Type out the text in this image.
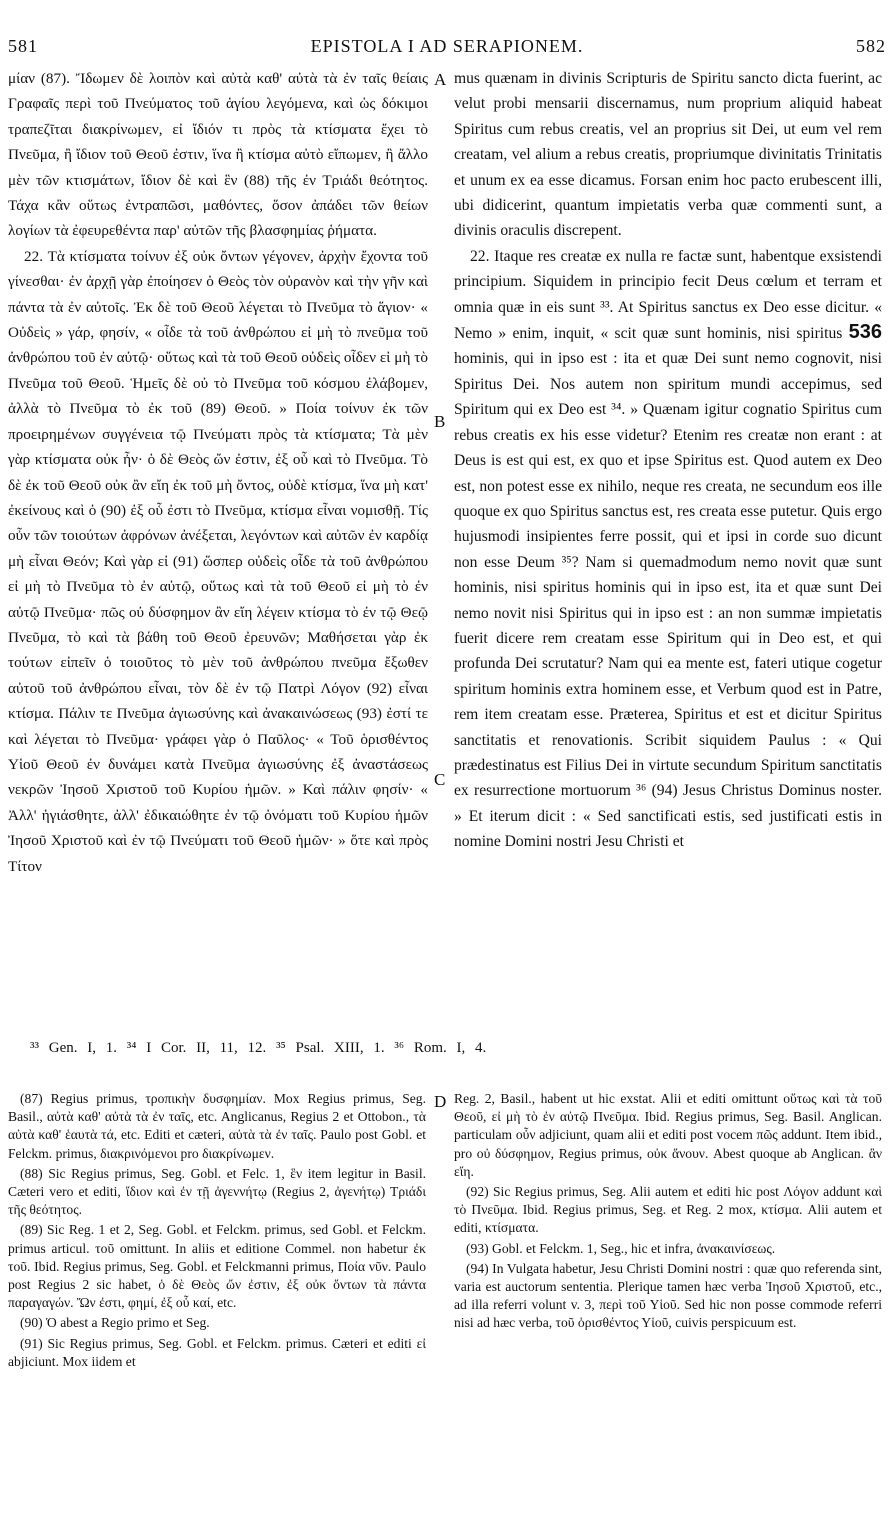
581	EPISTOLA I AD SERAPIONEM.	582

μίαν (87). Ἴδωμεν δὲ λοιπὸν καὶ αὐτὰ καθ' αὐτὰ τὰ ἐν ταῖς θείαις Γραφαῖς περὶ τοῦ Πνεύματος τοῦ ἁγίου λεγόμενα, καὶ ὡς δόκιμοι τραπεζῖται διακρίνωμεν, εἰ ἴδιόν τι πρὸς τὰ κτίσματα ἔχει τὸ Πνεῦμα, ἢ ἴδιον τοῦ Θεοῦ ἐστιν, ἵνα ἢ κτίσμα αὐτὸ εἴπωμεν, ἢ ἄλλο μὲν τῶν κτισμάτων, ἴδιον δὲ καὶ ἓν (88) τῆς ἐν Τριάδι θεότητος. Τάχα κἂν οὕτως ἐντραπῶσι, μαθόντες, ὅσον ἀπάδει τῶν θείων λογίων τὰ ἐφευρεθέντα παρ' αὐτῶν τῆς βλασφημίας ῥήματα.

22. Τὰ κτίσματα τοίνυν ἐξ οὐκ ὄντων γέγονεν, ἀρχὴν ἔχοντα τοῦ γίνεσθαι· ἐν ἀρχῇ γὰρ ἐποίησεν ὁ Θεὸς τὸν οὐρανὸν καὶ τὴν γῆν καὶ πάντα τὰ ἐν αὐτοῖς. Ἐκ δὲ τοῦ Θεοῦ λέγεται τὸ Πνεῦμα τὸ ἅγιον· « Οὐδεὶς » γάρ, φησίν, « οἶδε τὰ τοῦ ἀνθρώπου εἰ μὴ τὸ πνεῦμα τοῦ ἀνθρώπου τοῦ ἐν αὐτῷ· οὕτως καὶ τὰ τοῦ Θεοῦ οὐδεὶς οἶδεν εἰ μὴ τὸ Πνεῦμα τοῦ Θεοῦ. Ἡμεῖς δὲ οὐ τὸ Πνεῦμα τοῦ κόσμου ἐλάβομεν, ἀλλὰ τὸ Πνεῦμα τὸ ἐκ τοῦ (89) Θεοῦ. » Ποία τοίνυν ἐκ τῶν προειρημένων συγγένεια τῷ Πνεύματι πρὸς τὰ κτίσματα; Τὰ μὲν γὰρ κτίσματα οὐκ ἦν· ὁ δὲ Θεὸς ὤν ἐστιν, ἐξ οὗ καὶ τὸ Πνεῦμα. Τὸ δὲ ἐκ τοῦ Θεοῦ οὐκ ἂν εἴη ἐκ τοῦ μὴ ὄντος, οὐδὲ κτίσμα, ἵνα μὴ κατ' ἐκείνους καὶ ὁ (90) ἐξ οὗ ἐστι τὸ Πνεῦμα, κτίσμα εἶναι νομισθῇ. Τίς οὖν τῶν τοιούτων ἀφρόνων ἀνέξεται, λεγόντων καὶ αὐτῶν ἐν καρδίᾳ μὴ εἶναι Θεόν; Καὶ γὰρ εἰ (91) ὥσπερ οὐδεὶς οἶδε τὰ τοῦ ἀνθρώπου εἰ μὴ τὸ Πνεῦμα τὸ ἐν αὐτῷ, οὕτως καὶ τὰ τοῦ Θεοῦ εἰ μὴ τὸ ἐν αὐτῷ Πνεῦμα· πῶς οὐ δύσφημον ἂν εἴη λέγειν κτίσμα τὸ ἐν τῷ Θεῷ Πνεῦμα, τὸ καὶ τὰ βάθη τοῦ Θεοῦ ἐρευνῶν; Μαθήσεται γὰρ ἐκ τούτων εἰπεῖν ὁ τοιοῦτος τὸ μὲν τοῦ ἀνθρώπου πνεῦμα ἔξωθεν αὐτοῦ τοῦ ἀνθρώπου εἶναι, τὸν δὲ ἐν τῷ Πατρὶ Λόγον (92) εἶναι κτίσμα. Πάλιν τε Πνεῦμα ἁγιωσύνης καὶ ἀνακαινώσεως (93) ἐστί τε καὶ λέγεται τὸ Πνεῦμα· γράφει γὰρ ὁ Παῦλος· « Τοῦ ὁρισθέντος Υἱοῦ Θεοῦ ἐν δυνάμει κατὰ Πνεῦμα ἁγιωσύνης ἐξ ἀναστάσεως νεκρῶν Ἰησοῦ Χριστοῦ τοῦ Κυρίου ἡμῶν. » Καὶ πάλιν φησίν· « Ἀλλ' ἡγιάσθητε, ἀλλ' ἐδικαιώθητε ἐν τῷ ὀνόματι τοῦ Κυρίου ἡμῶν Ἰησοῦ Χριστοῦ καὶ ἐν τῷ Πνεύματι τοῦ Θεοῦ ἡμῶν· » ὅτε καὶ πρὸς Τίτον

A
B
C
D

mus quænam in divinis Scripturis de Spiritu sancto dicta fuerint, ac velut probi mensarii discernamus, num proprium aliquid habeat Spiritus cum rebus creatis, vel an proprius sit Dei, ut eum vel rem creatam, vel alium a rebus creatis, propriumque divinitatis Trinitatis et unum ex ea esse dicamus. Forsan enim hoc pacto erubescent illi, ubi didicerint, quantum impietatis verba quæ commenti sunt, a divinis oraculis discrepent.

22. Itaque res creatæ ex nulla re factæ sunt, habentque exsistendi principium. Siquidem in principio fecit Deus cœlum et terram et omnia quæ in eis sunt ³³. At Spiritus sanctus ex Deo esse dicitur. « Nemo » enim, inquit, « scit quæ sunt hominis, nisi spiritus 536 hominis, qui in ipso est : ita et quæ Dei sunt nemo cognovit, nisi Spiritus Dei. Nos autem non spiritum mundi accepimus, sed Spiritum qui ex Deo est ³⁴. » Quænam igitur cognatio Spiritus cum rebus creatis ex his esse videtur? Etenim res creatæ non erant : at Deus is est qui est, ex quo et ipse Spiritus est. Quod autem ex Deo est, non potest esse ex nihilo, neque res creata, ne secundum eos ille quoque ex quo Spiritus sanctus est, res creata esse putetur. Quis ergo hujusmodi insipientes ferre possit, qui et ipsi in corde suo dicunt non esse Deum ³⁵? Nam si quemadmodum nemo novit quæ sunt hominis, nisi spiritus hominis qui in ipso est, ita et quæ sunt Dei nemo novit nisi Spiritus qui in ipso est : an non summæ impietatis fuerit dicere rem creatam esse Spiritum qui in Deo est, et qui profunda Dei scrutatur? Nam qui ea mente est, fateri utique cogetur spiritum hominis extra hominem esse, et Verbum quod est in Patre, rem item creatam esse. Præterea, Spiritus et est et dicitur Spiritus sanctitatis et renovationis. Scribit siquidem Paulus : « Qui prædestinatus est Filius Dei in virtute secundum Spiritum sanctitatis ex resurrectione mortuorum ³⁶ (94) Jesus Christus Dominus noster. » Et iterum dicit : « Sed sanctificati estis, sed justificati estis in nomine Domini nostri Jesu Christi et

³³ Gen. I, 1. ³⁴ I Cor. II, 11, 12. ³⁵ Psal. XIII, 1. ³⁶ Rom. I, 4.

(87) Regius primus, τροπικὴν δυσφημίαν. Mox Regius primus, Seg. Basil., αὐτὰ καθ' αὐτὰ τὰ ἐν ταῖς, etc. Anglicanus, Regius 2 et Ottobon., τὰ αὐτὰ καθ' ἑαυτὰ τά, etc. Editi et cæteri, αὐτὰ τὰ ἐν ταῖς. Paulo post Gobl. et Felckm. primus, διακρινόμενοι pro διακρίνωμεν.

(88) Sic Regius primus, Seg. Gobl. et Felc. 1, ἓν item legitur in Basil. Cæteri vero et editi, ἴδιον καὶ ἐν τῇ ἀγεννήτῳ (Regius 2, ἀγενήτῳ) Τριάδι τῆς θεότητος.

(89) Sic Reg. 1 et 2, Seg. Gobl. et Felckm. primus, sed Gobl. et Felckm. primus articul. τοῦ omittunt. In aliis et editione Commel. non habetur ἐκ τοῦ. Ibid. Regius primus, Seg. Gobl. et Felckmanni primus, Ποία νῦν. Paulo post Regius 2 sic habet, ὁ δὲ Θεὸς ὤν ἐστιν, ἐξ οὐκ ὄντων τὰ πάντα παραγαγών. Ὤν ἐστι, φημί, ἐξ οὗ καί, etc.

(90) Ὁ abest a Regio primo et Seg.

(91) Sic Regius primus, Seg. Gobl. et Felckm. primus. Cæteri et editi εἰ abjiciunt. Mox iidem et

Reg. 2, Basil., habent ut hic exstat. Alii et editi omittunt οὕτως καὶ τὰ τοῦ Θεοῦ, εἰ μὴ τὸ ἐν αὐτῷ Πνεῦμα. Ibid. Regius primus, Seg. Basil. Anglican. particulam οὖν adjiciunt, quam alii et editi post vocem πῶς addunt. Item ibid., pro οὐ δύσφημον, Regius primus, οὐκ ἄνουν. Abest quoque ab Anglican. ἂν εἴη.

(92) Sic Regius primus, Seg. Alii autem et editi hic post Λόγον addunt καὶ τὸ Πνεῦμα. Ibid. Regius primus, Seg. et Reg. 2 mox, κτίσμα. Alii autem et editi, κτίσματα.

(93) Gobl. et Felckm. 1, Seg., hic et infra, ἀνακαινίσεως.

(94) In Vulgata habetur, Jesu Christi Domini nostri : quæ quo referenda sint, varia est auctorum sententia. Plerique tamen hæc verba Ἰησοῦ Χριστοῦ, etc., ad illa referri volunt v. 3, περὶ τοῦ Υἱοῦ. Sed hic non posse commode referri nisi ad hæc verba, τοῦ ὁρισθέντος Υἱοῦ, cuivis perspicuum est.
